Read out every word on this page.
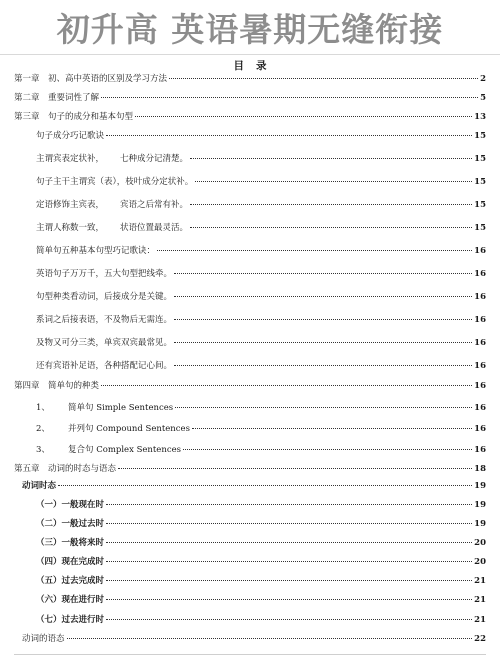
初升高 英语暑期无缝衔接
目 录
第一章　初、高中英语的区别及学习方法	2
第二章　重要词性了解	5
第三章　句子的成分和基本句型	13
句子成分巧记歌诀	15
主谓宾表定状补， 七种成分记清楚。	15
句子主干主谓宾（表），枝叶成分定状补。	15
定语修饰主宾表， 宾语之后常有补。	15
主谓人称数一致， 状语位置最灵活。	15
简单句五种基本句型巧记歌诀：	16
英语句子万万千，五大句型把线牵。	16
句型种类看动词，后接成分是关键。	16
系词之后接表语，不及物后无需连。	16
及物又可分三类，单宾双宾最常见。	16
还有宾语补足语，各种搭配记心间。	16
第四章　简单句的种类	16
1、 简单句 Simple Sentences	16
2、 并列句 Compound Sentences	16
3、 复合句 Complex Sentences	16
第五章　动词的时态与语态	18
动词时态	19
（一）一般现在时	19
（二）一般过去时	19
（三）一般将来时	20
（四）现在完成时	20
（五）过去完成时	21
（六）现在进行时	21
（七）过去进行时	21
动词的语态	22
